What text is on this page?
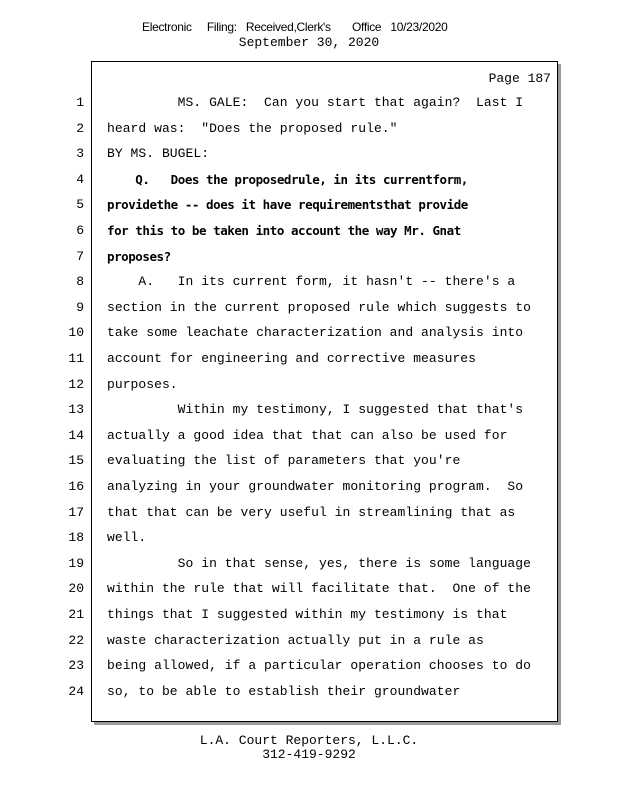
Electronic     Filing:   Received,Clerk's       Office   10/23/2020
September 30, 2020
Page 187
1 MS. GALE:  Can you start that again?  Last I
2 heard was:  "Does the proposed rule."
3 BY MS. BUGEL:
4 Q.   Does the proposedrule, in its currentform,
5 providethe -- does it have requirementsthat provide
6 for this to be taken into account the way Mr. Gnat
7 proposes?
8 A.   In its current form, it hasn't -- there's a
9 section in the current proposed rule which suggests to
10 take some leachate characterization and analysis into
11 account for engineering and corrective measures
12 purposes.
13 Within my testimony, I suggested that that's
14 actually a good idea that that can also be used for
15 evaluating the list of parameters that you're
16 analyzing in your groundwater monitoring program.  So
17 that that can be very useful in streamlining that as
18 well.
19 So in that sense, yes, there is some language
20 within the rule that will facilitate that.  One of the
21 things that I suggested within my testimony is that
22 waste characterization actually put in a rule as
23 being allowed, if a particular operation chooses to do
24 so, to be able to establish their groundwater
L.A. Court Reporters, L.L.C.
312-419-9292
